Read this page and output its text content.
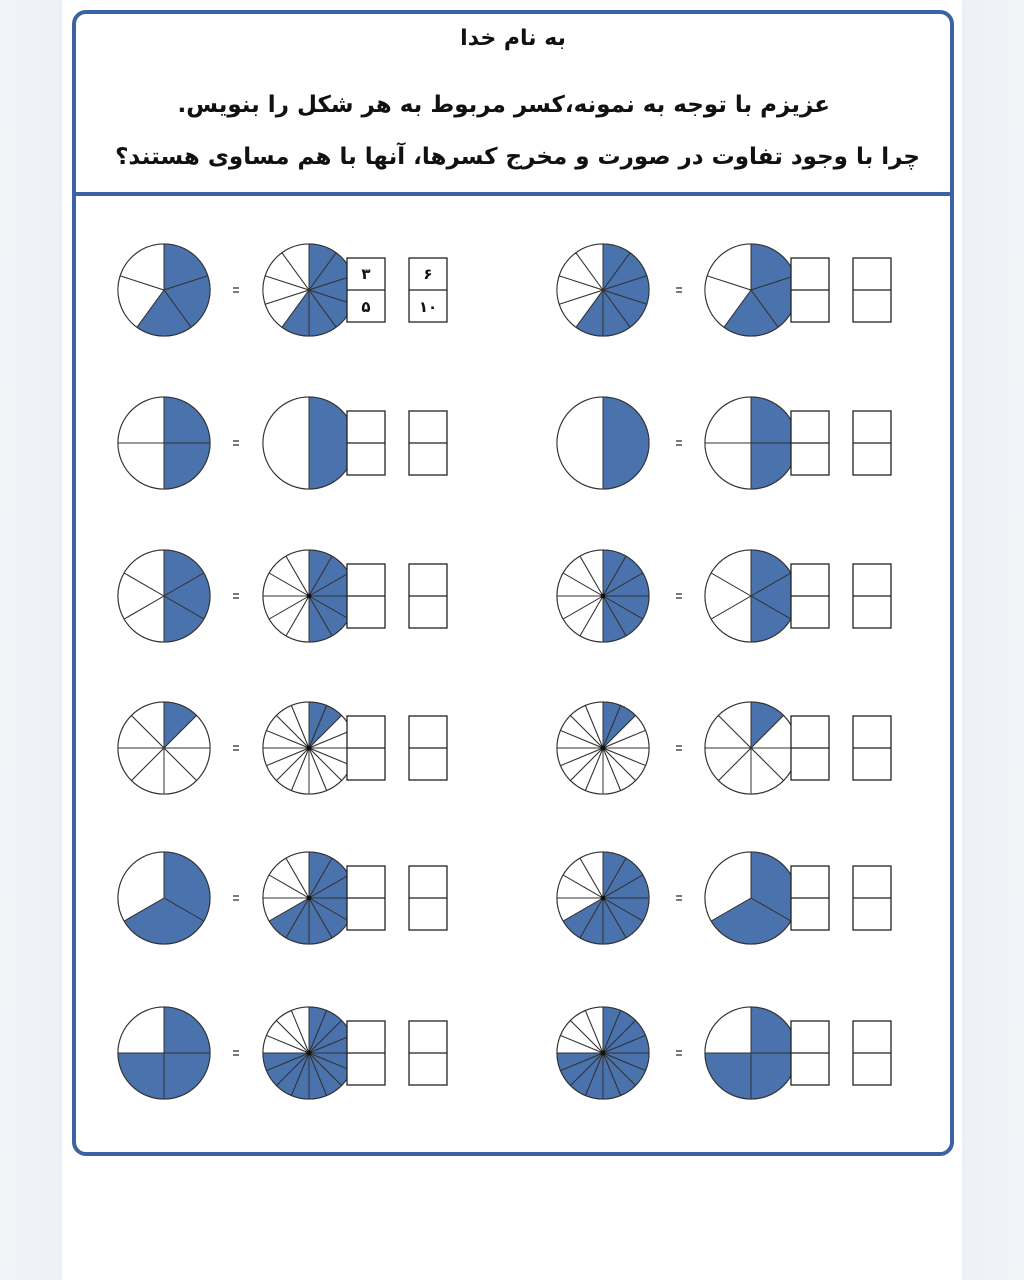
به نام خدا
عزیزم با توجه به نمونه،کسر مربوط به هر شکل را بنویس.
چرا با وجود تفاوت در صورت و مخرج کسرها، آنها با هم مساوی هستند؟
۳
۵
۶
۱۰
